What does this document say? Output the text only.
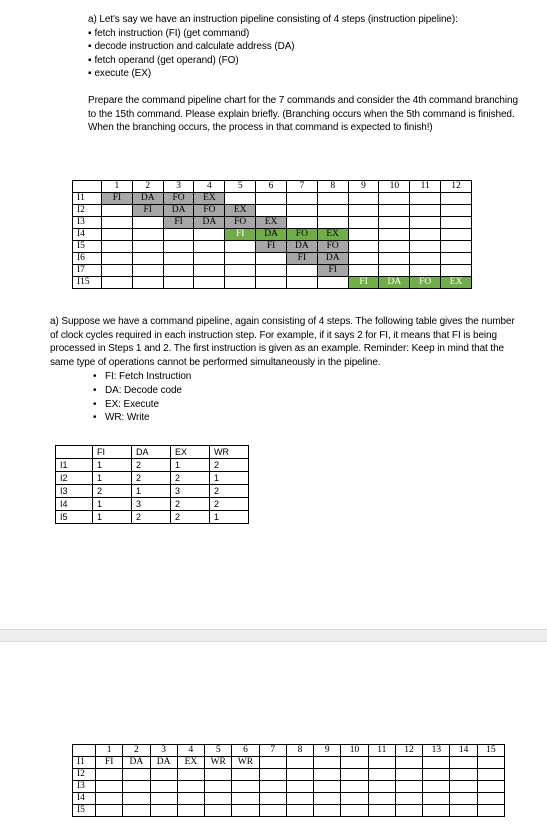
a) Let's say we have an instruction pipeline consisting of 4 steps (instruction pipeline):

▪ fetch instruction (FI) (get command)
▪ decode instruction and calculate address (DA)
▪ fetch operand (get operand) (FO)
▪ execute (EX)

Prepare the command pipeline chart for the 7 commands and consider the 4th command branching to the 15th command. Please explain briefly. (Branching occurs when the 5th command is finished. When the branching occurs, the process in that command is expected to finish!)

	1	2	3	4	5	6	7	8	9	10	11	12
I1	FI	DA	FO	EX								
I2		FI	DA	FO	EX							
I3			FI	DA	FO	EX						
I4					FI	DA	FO	EX				
I5						FI	DA	FO				
I6							FI	DA				
I7								FI				
I15									FI	DA	FO	EX

a) Suppose we have a command pipeline, again consisting of 4 steps. The following table gives the number of clock cycles required in each instruction step. For example, if it says 2 for FI, it means that FI is being processed in Steps 1 and 2. The first instruction is given as an example. Reminder: Keep in mind that the same type of operations cannot be performed simultaneously in the pipeline.

• FI: Fetch Instruction
• DA: Decode code
• EX: Execute
• WR: Write
	FI	DA	EX	WR
I1	1	2	1	2
I2	1	2	2	1
I3	2	1	3	2
I4	1	3	2	2
I5	1	2	2	1
	1	2	3	4	5	6	7	8	9	10	11	12	13	14	15
I1	FI	DA	DA	EX	WR	WR									
I2															
I3															
I4															
I5															
